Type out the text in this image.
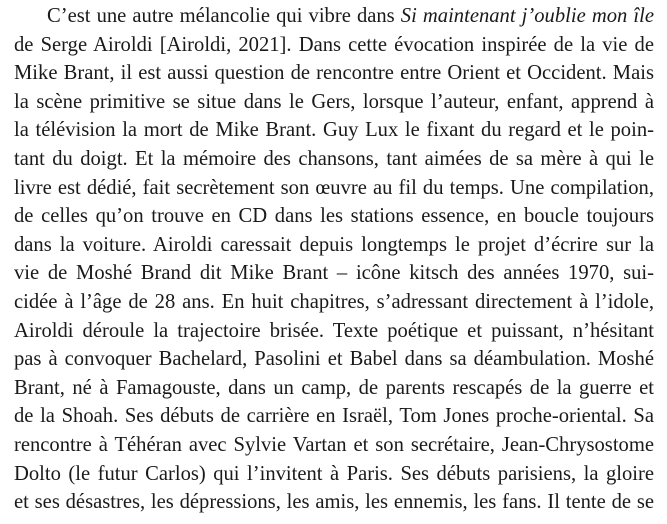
C’est une autre mélancolie qui vibre dans Si maintenant j’oublie mon île
de Serge Airoldi [Airoldi, 2021]. Dans cette évocation inspirée de la vie de
Mike Brant, il est aussi question de rencontre entre Orient et Occident. Mais
la scène primitive se situe dans le Gers, lorsque l’auteur, enfant, apprend à
la télévision la mort de Mike Brant. Guy Lux le fixant du regard et le poin-
tant du doigt. Et la mémoire des chansons, tant aimées de sa mère à qui le
livre est dédié, fait secrètement son œuvre au fil du temps. Une compilation,
de celles qu’on trouve en CD dans les stations essence, en boucle toujours
dans la voiture. Airoldi caressait depuis longtemps le projet d’écrire sur la
vie de Moshé Brand dit Mike Brant – icône kitsch des années 1970, sui-
cidée à l’âge de 28 ans. En huit chapitres, s’adressant directement à l’idole,
Airoldi déroule la trajectoire brisée. Texte poétique et puissant, n’hésitant
pas à convoquer Bachelard, Pasolini et Babel dans sa déambulation. Moshé
Brant, né à Famagouste, dans un camp, de parents rescapés de la guerre et
de la Shoah. Ses débuts de carrière en Israël, Tom Jones proche-oriental. Sa
rencontre à Téhéran avec Sylvie Vartan et son secrétaire, Jean-Chrysostome
Dolto (le futur Carlos) qui l’invitent à Paris. Ses débuts parisiens, la gloire
et ses désastres, les dépressions, les amis, les ennemis, les fans. Il tente de se
